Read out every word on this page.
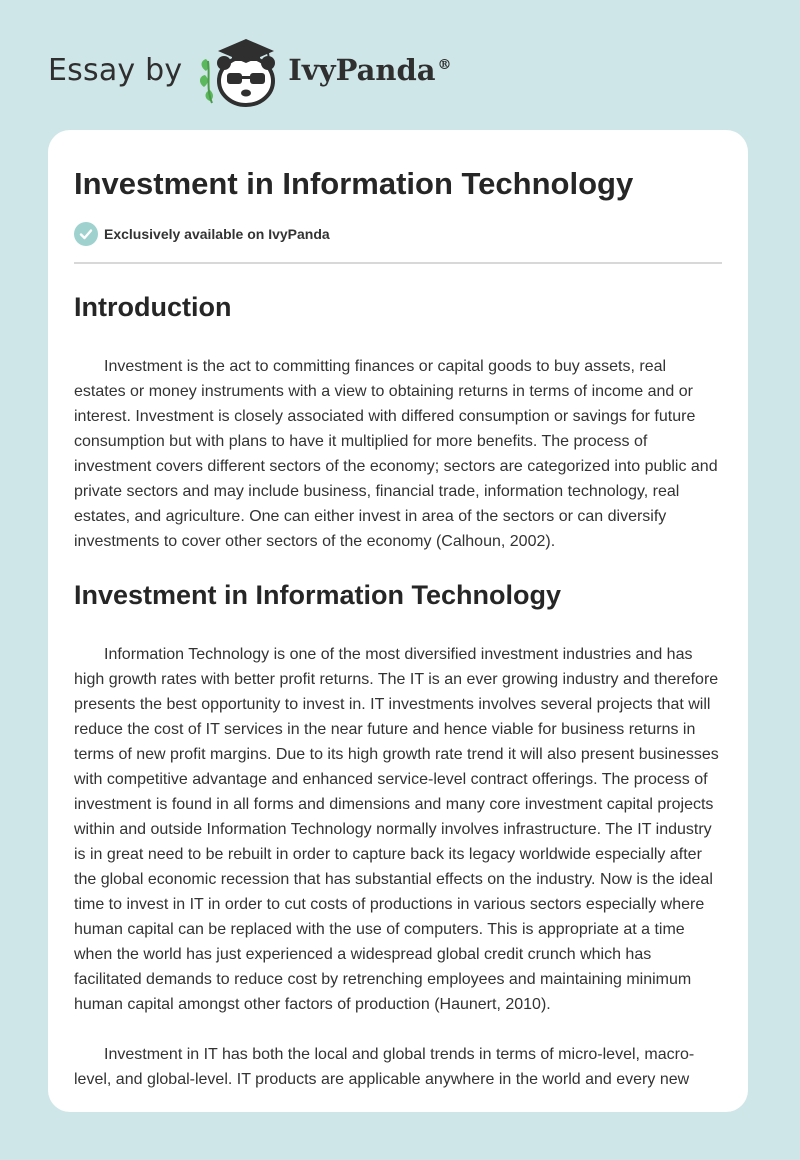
Essay by	IvyPanda ®
Investment in Information Technology
Exclusively available on IvyPanda
Introduction

Investment is the act to committing finances or capital goods to buy assets, real estates or money instruments with a view to obtaining returns in terms of income and or interest. Investment is closely associated with differed consumption or savings for future consumption but with plans to have it multiplied for more benefits. The process of investment covers different sectors of the economy; sectors are categorized into public and private sectors and may include business, financial trade, information technology, real estates, and agriculture. One can either invest in area of the sectors or can diversify investments to cover other sectors of the economy (Calhoun, 2002).

Investment in Information Technology

Information Technology is one of the most diversified investment industries and has high growth rates with better profit returns. The IT is an ever growing industry and therefore presents the best opportunity to invest in. IT investments involves several projects that will reduce the cost of IT services in the near future and hence viable for business returns in terms of new profit margins. Due to its high growth rate trend it will also present businesses with competitive advantage and enhanced service-level contract offerings. The process of investment is found in all forms and dimensions and many core investment capital projects within and outside Information Technology normally involves infrastructure. The IT industry is in great need to be rebuilt in order to capture back its legacy worldwide especially after the global economic recession that has substantial effects on the industry. Now is the ideal time to invest in IT in order to cut costs of productions in various sectors especially where human capital can be replaced with the use of computers. This is appropriate at a time when the world has just experienced a widespread global credit crunch which has facilitated demands to reduce cost by retrenching employees and maintaining minimum human capital amongst other factors of production (Haunert, 2010).

Investment in IT has both the local and global trends in terms of micro-level, macro-level, and global-level. IT products are applicable anywhere in the world and every new
